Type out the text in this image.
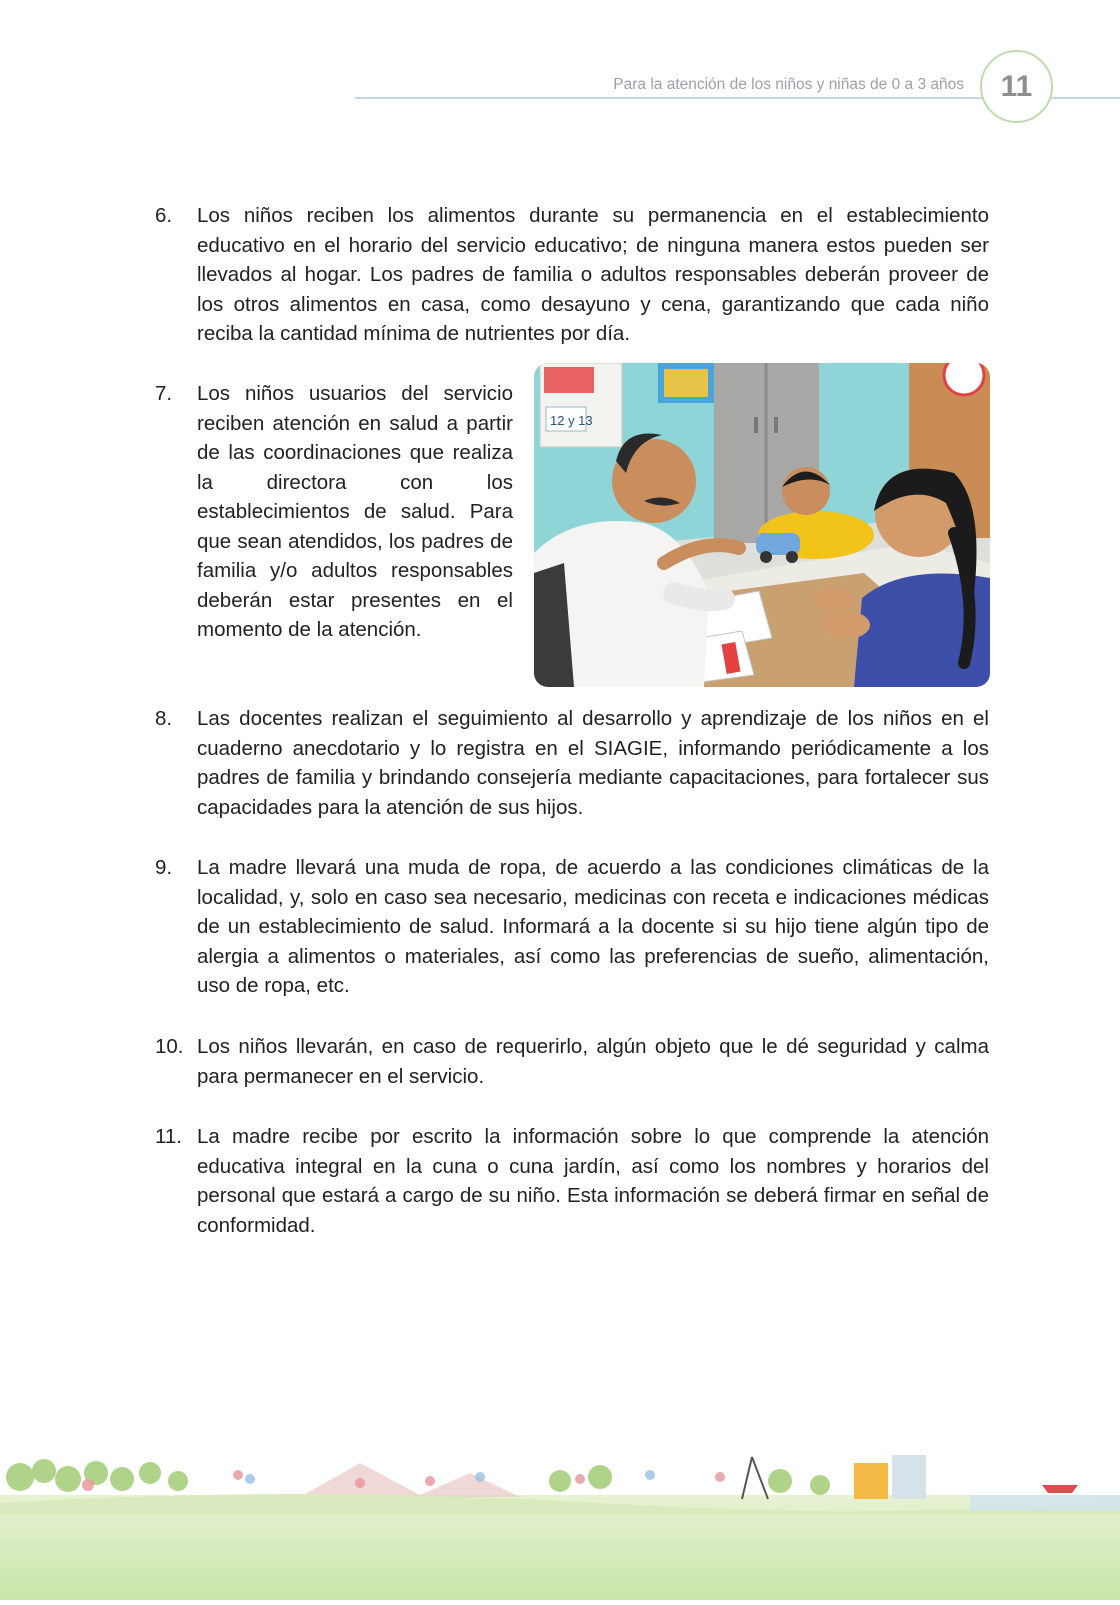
Para la atención de los niños y niñas de 0 a 3 años	11
6.	Los niños reciben los alimentos durante su permanencia en el establecimiento educativo en el horario del servicio educativo; de ninguna manera estos pueden ser llevados al hogar. Los padres de familia o adultos responsables deberán proveer de los otros alimentos en casa, como desayuno y cena, garantizando que cada niño reciba la cantidad mínima de nutrientes por día.
7.	Los niños usuarios del servicio reciben atención en salud a partir de las coordinaciones que realiza la directora con los establecimientos de salud. Para que sean atendidos, los padres de familia y/o adultos responsables deberán estar presentes en el momento de la atención.
12 y 13
8.	Las docentes realizan el seguimiento al desarrollo y aprendizaje de los niños en el cuaderno anecdotario y lo registra en el SIAGIE, informando periódicamente a los padres de familia y brindando consejería mediante capacitaciones, para fortalecer sus capacidades para la atención de sus hijos.
9.	La madre llevará una muda de ropa, de acuerdo a las condiciones climáticas de la localidad, y, solo en caso sea necesario, medicinas con receta e indicaciones médicas de un establecimiento de salud. Informará a la docente si su hijo tiene algún tipo de alergia a alimentos o materiales, así como las preferencias de sueño, alimentación, uso de ropa, etc.
10. Los niños llevarán, en caso de requerirlo, algún objeto que le dé seguridad y calma para permanecer en el servicio.
11. La madre recibe por escrito la información sobre lo que comprende la atención educativa integral en la cuna o cuna jardín, así como los nombres y horarios del personal que estará a cargo de su niño. Esta información se deberá firmar en señal de conformidad.
